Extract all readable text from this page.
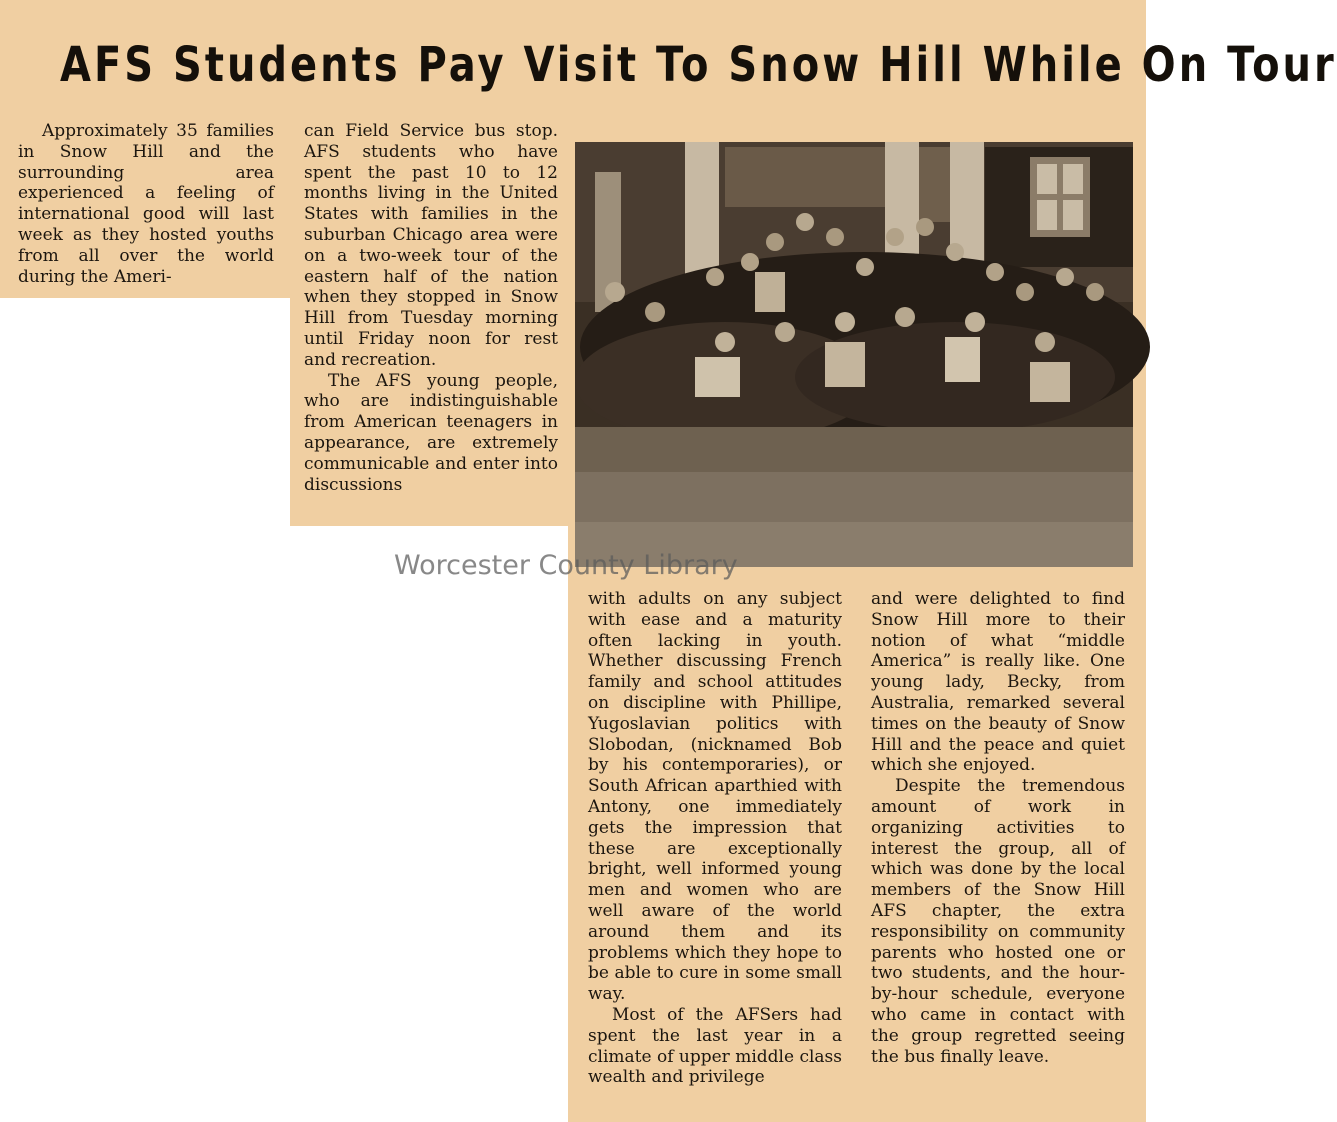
AFS Students Pay Visit To Snow Hill While On Tour

Approximately 35 families in Snow Hill and the surrounding area experienced a feeling of international good will last week as they hosted youths from all over the world during the Ameri-

can Field Service bus stop. AFS students who have spent the past 10 to 12 months living in the United States with families in the suburban Chicago area were on a two-week tour of the eastern half of the nation when they stopped in Snow Hill from Tuesday morning until Friday noon for rest and recreation.

The AFS young people, who are indistinguishable from American teenagers in appearance, are extremely communicable and enter into discussions

with adults on any subject with ease and a maturity often lacking in youth. Whether discussing French family and school attitudes on discipline with Phillipe, Yugoslavian politics with Slobodan, (nicknamed Bob by his contemporaries), or South African aparthied with Antony, one immediately gets the impression that these are exceptionally bright, well informed young men and women who are well aware of the world around them and its problems which they hope to be able to cure in some small way.

Most of the AFSers had spent the last year in a climate of upper middle class wealth and privilege

and were delighted to find Snow Hill more to their notion of what “middle America” is really like. One young lady, Becky, from Australia, remarked several times on the beauty of Snow Hill and the peace and quiet which she enjoyed.

Despite the tremendous amount of work in organizing activities to interest the group, all of which was done by the local members of the Snow Hill AFS chapter, the extra responsibility on community parents who hosted one or two students, and the hour-by-hour schedule, everyone who came in contact with the group regretted seeing the bus finally leave.

Worcester County Library
